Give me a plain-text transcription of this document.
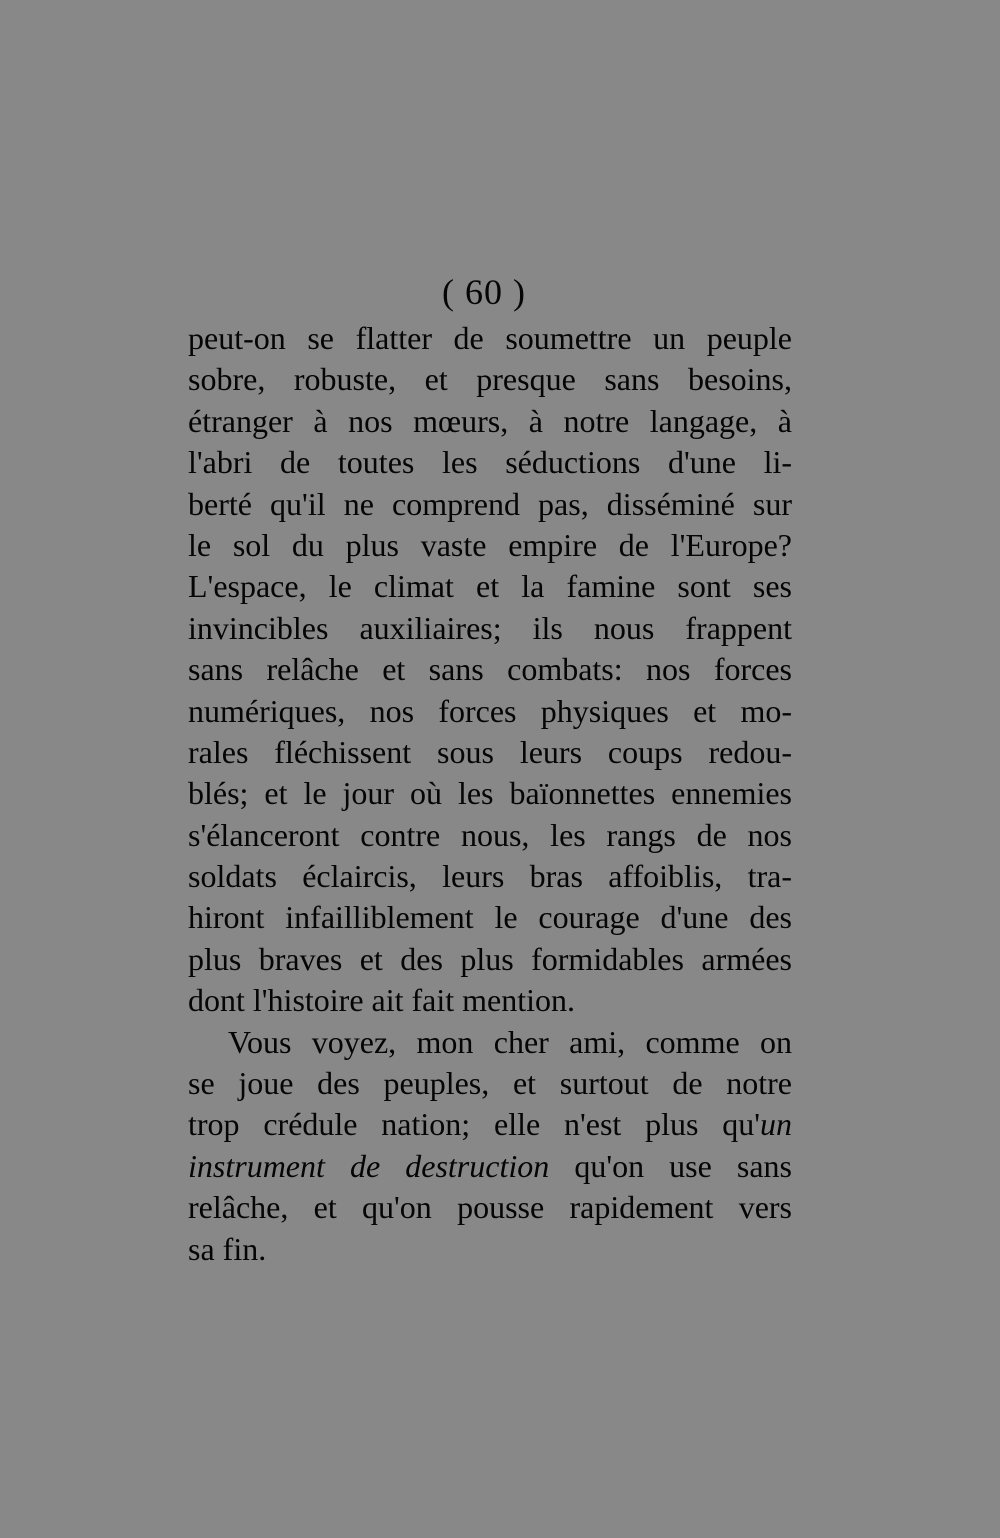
( 60 )
peut-on se flatter de soumettre un peuple
sobre, robuste, et presque sans besoins,
étranger à nos mœurs, à notre langage, à
l'abri de toutes les séductions d'une li-
berté qu'il ne comprend pas, disséminé sur
le sol du plus vaste empire de l'Europe?
L'espace, le climat et la famine sont ses
invincibles auxiliaires; ils nous frappent
sans relâche et sans combats: nos forces
numériques, nos forces physiques et mo-
rales fléchissent sous leurs coups redou-
blés; et le jour où les baïonnettes ennemies
s'élanceront contre nous, les rangs de nos
soldats éclaircis, leurs bras affoiblis, tra-
hiront infailliblement le courage d'une des
plus braves et des plus formidables armées
dont l'histoire ait fait mention.
Vous voyez, mon cher ami, comme on
se joue des peuples, et surtout de notre
trop crédule nation; elle n'est plus qu'un
instrument de destruction qu'on use sans
relâche, et qu'on pousse rapidement vers
sa fin.
